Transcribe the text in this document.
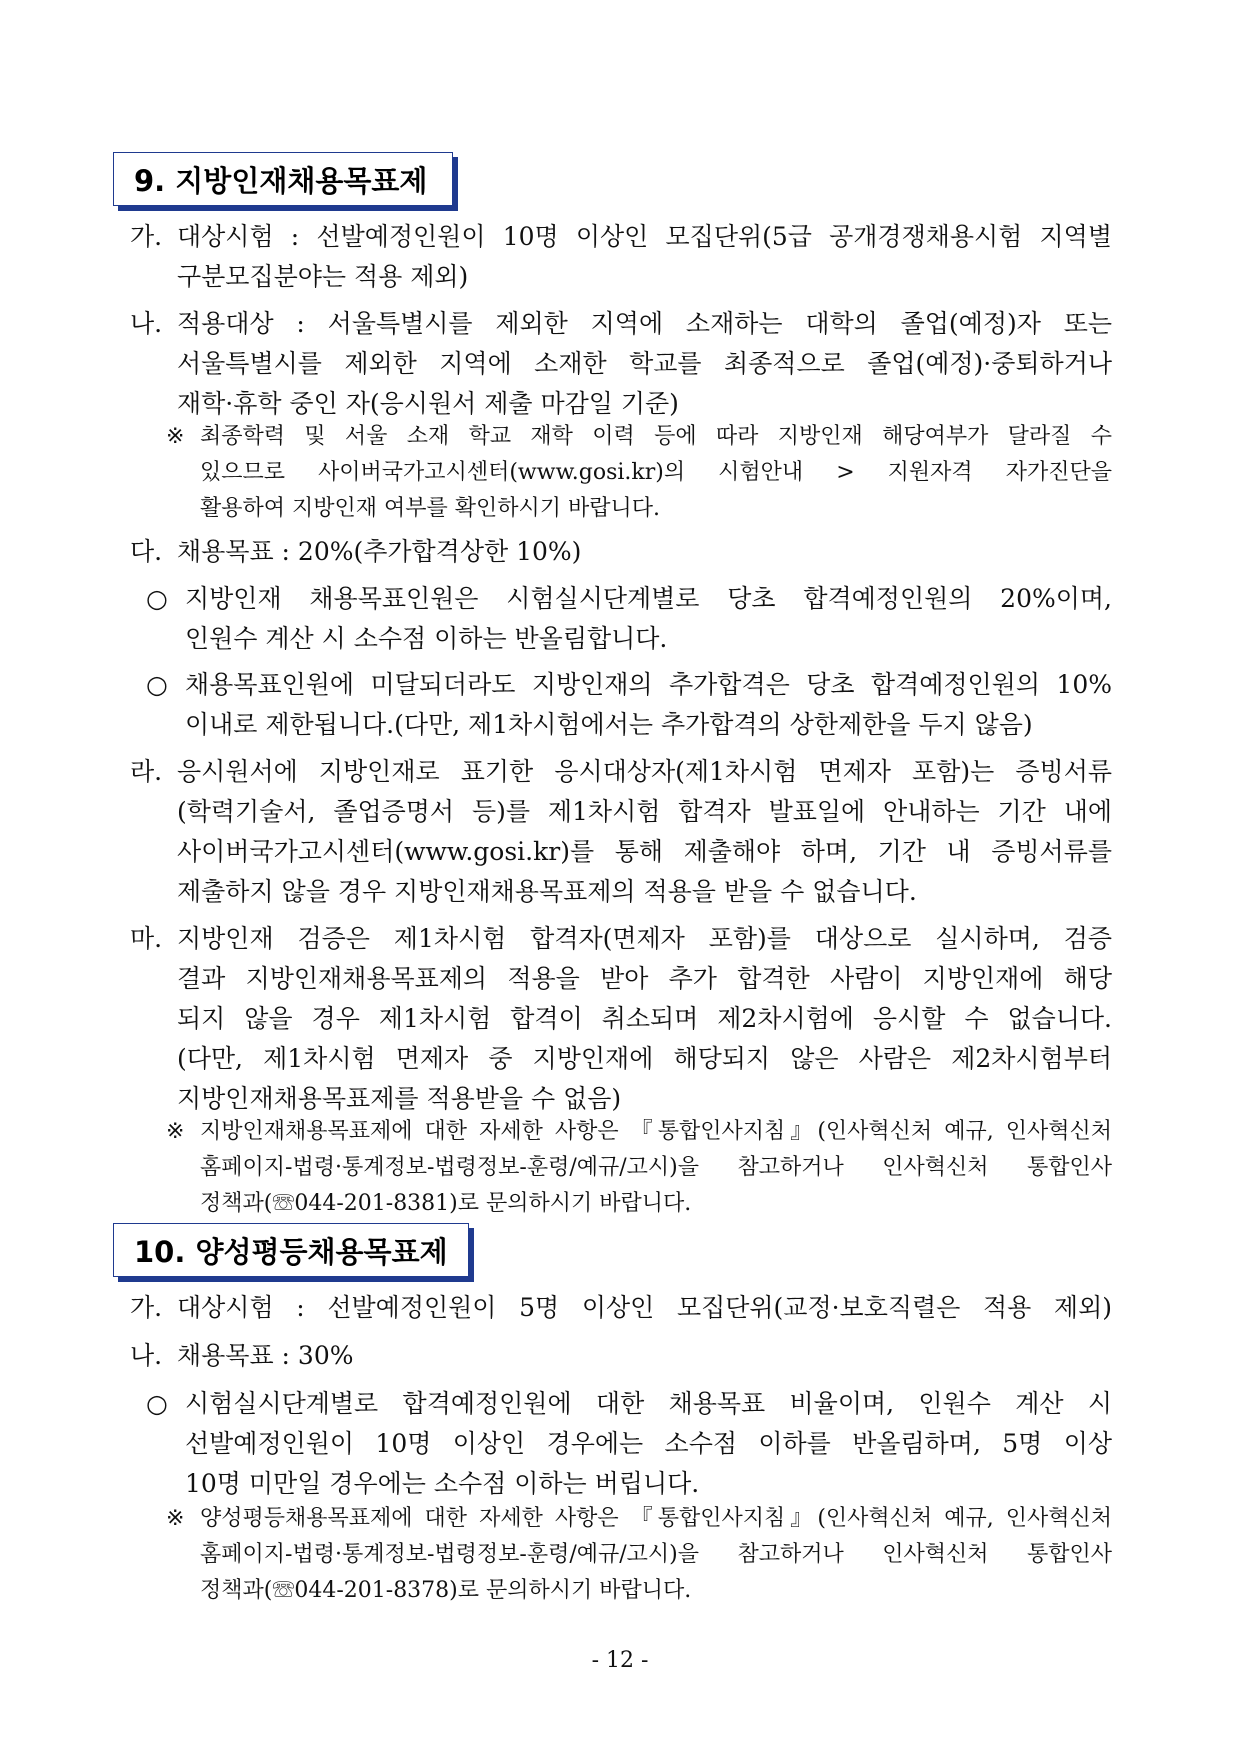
9. 지방인재채용목표제
가. 대상시험 : 선발예정인원이 10명 이상인 모집단위(5급 공개경쟁채용시험 지역별
구분모집분야는 적용 제외)
나. 적용대상 : 서울특별시를 제외한 지역에 소재하는 대학의 졸업(예정)자 또는
서울특별시를 제외한 지역에 소재한 학교를 최종적으로 졸업(예정)·중퇴하거나
재학·휴학 중인 자(응시원서 제출 마감일 기준)
※ 최종학력 및 서울 소재 학교 재학 이력 등에 따라 지방인재 해당여부가 달라질 수
있으므로 사이버국가고시센터(www.gosi.kr)의 시험안내 > 지원자격 자가진단을
활용하여 지방인재 여부를 확인하시기 바랍니다.
다. 채용목표 : 20%(추가합격상한 10%)
○ 지방인재 채용목표인원은 시험실시단계별로 당초 합격예정인원의 20%이며,
인원수 계산 시 소수점 이하는 반올림합니다.
○ 채용목표인원에 미달되더라도 지방인재의 추가합격은 당초 합격예정인원의 10%
이내로 제한됩니다.(다만, 제1차시험에서는 추가합격의 상한제한을 두지 않음)
라. 응시원서에 지방인재로 표기한 응시대상자(제1차시험 면제자 포함)는 증빙서류
(학력기술서, 졸업증명서 등)를 제1차시험 합격자 발표일에 안내하는 기간 내에
사이버국가고시센터(www.gosi.kr)를 통해 제출해야 하며, 기간 내 증빙서류를
제출하지 않을 경우 지방인재채용목표제의 적용을 받을 수 없습니다.
마. 지방인재 검증은 제1차시험 합격자(면제자 포함)를 대상으로 실시하며, 검증
결과 지방인재채용목표제의 적용을 받아 추가 합격한 사람이 지방인재에 해당
되지 않을 경우 제1차시험 합격이 취소되며 제2차시험에 응시할 수 없습니다.
(다만, 제1차시험 면제자 중 지방인재에 해당되지 않은 사람은 제2차시험부터
지방인재채용목표제를 적용받을 수 없음)
※ 지방인재채용목표제에 대한 자세한 사항은 『통합인사지침』(인사혁신처 예규, 인사혁신처
홈페이지-법령·통계정보-법령정보-훈령/예규/고시)을 참고하거나 인사혁신처 통합인사
정책과(☏044-201-8381)로 문의하시기 바랍니다.
10. 양성평등채용목표제
가. 대상시험 : 선발예정인원이 5명 이상인 모집단위(교정·보호직렬은 적용 제외)
나. 채용목표 : 30%
○ 시험실시단계별로 합격예정인원에 대한 채용목표 비율이며, 인원수 계산 시
선발예정인원이 10명 이상인 경우에는 소수점 이하를 반올림하며, 5명 이상
10명 미만일 경우에는 소수점 이하는 버립니다.
※ 양성평등채용목표제에 대한 자세한 사항은 『통합인사지침』(인사혁신처 예규, 인사혁신처
홈페이지-법령·통계정보-법령정보-훈령/예규/고시)을 참고하거나 인사혁신처 통합인사
정책과(☏044-201-8378)로 문의하시기 바랍니다.
- 12 -
